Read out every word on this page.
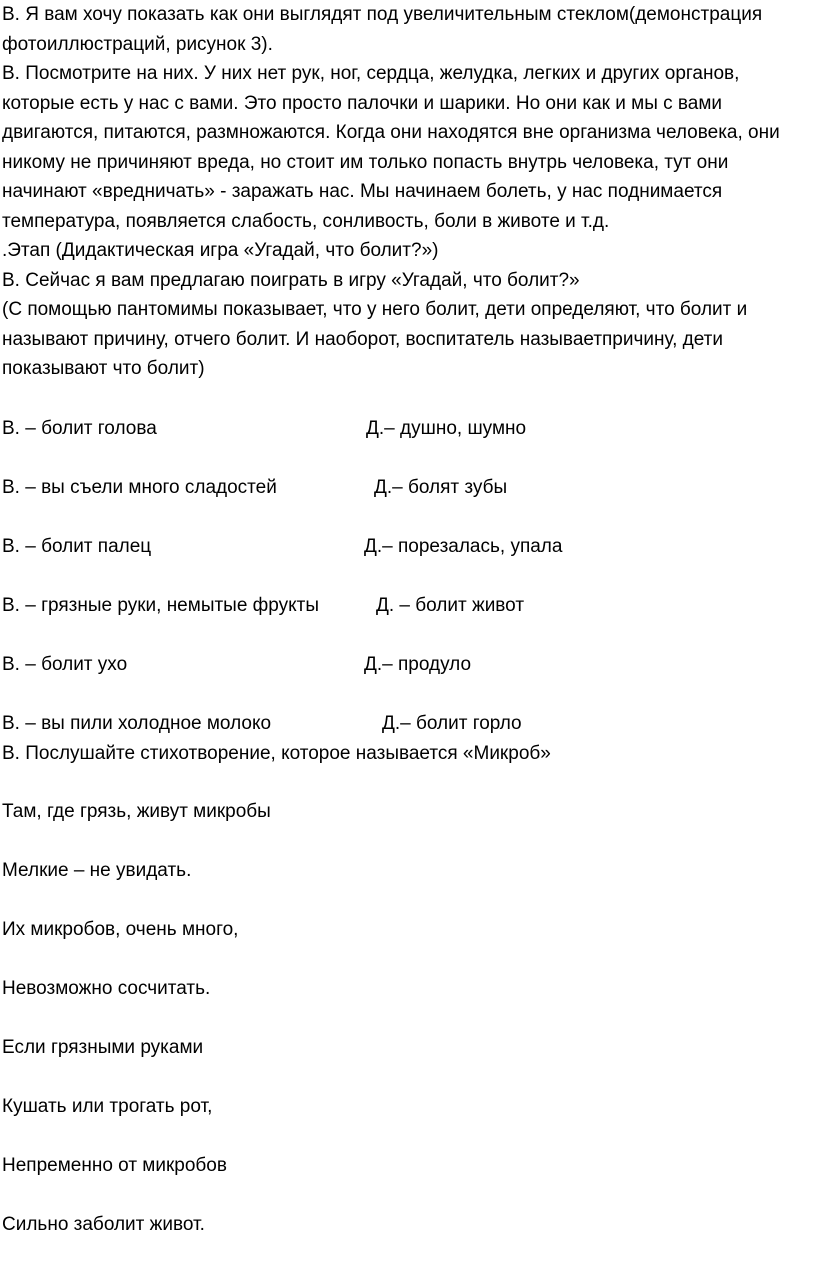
В. Я вам хочу показать как они выглядят под увеличительным стеклом(демонстрация фотоиллюстраций, рисунок 3).

В. Посмотрите на них. У них нет рук, ног, сердца, желудка, легких и других органов, которые есть у нас с вами. Это просто палочки и шарики. Но они как и мы с вами двигаются, питаются, размножаются. Когда они находятся вне организма человека, они никому не причиняют вреда, но стоит им только попасть внутрь человека, тут они начинают «вредничать» - заражать нас. Мы начинаем болеть, у нас поднимается температура, появляется слабость, сонливость, боли в животе и т.д.

.Этап (Дидактическая игра «Угадай, что болит?»)

В. Сейчас я вам предлагаю поиграть в игру «Угадай, что болит?»

(С помощью пантомимы показывает, что у него болит, дети определяют, что болит и называют причину, отчего болит. И наоборот, воспитатель называетпричину, дети показывают что болит)

В. – болит голова	Д.– душно, шумно
В. – вы съели много сладостей	Д.– болят зубы
В. – болит палец	Д.– порезалась, упала
В. – грязные руки, немытые фрукты	Д. – болит живот
В. – болит ухо	Д.– продуло
В. – вы пили холодное молоко	Д.– болит горло

В. Послушайте стихотворение, которое называется «Микроб»

Там, где грязь, живут микробы

Мелкие – не увидать.

Их микробов, очень много,

Невозможно сосчитать.

Если грязными руками

Кушать или трогать рот,

Непременно от микробов

Сильно заболит живот.
